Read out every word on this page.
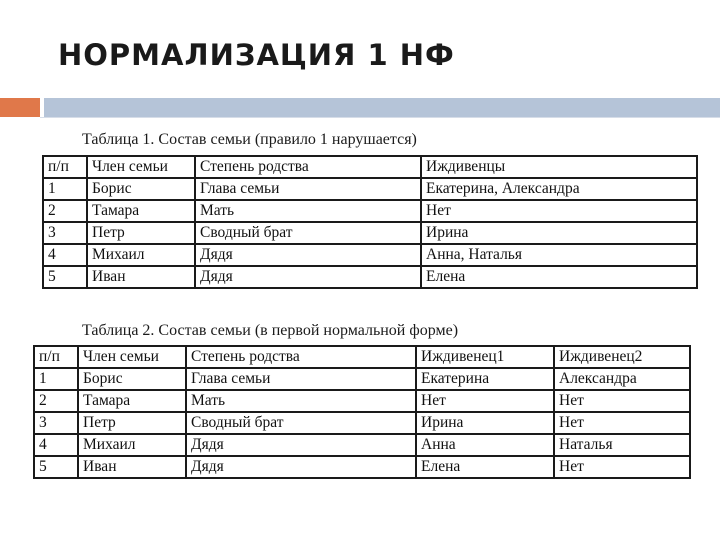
НОРМАЛИЗАЦИЯ 1 НФ
Таблица 1. Состав семьи (правило 1 нарушается)
п/п	Член семьи	Степень родства	Иждивенцы
1	Борис	Глава семьи	Екатерина, Александра
2	Тамара	Мать	Нет
3	Петр	Сводный брат	Ирина
4	Михаил	Дядя	Анна, Наталья
5	Иван	Дядя	Елена
Таблица 2. Состав семьи (в первой нормальной форме)
п/п	Член семьи	Степень родства	Иждивенец1	Иждивенец2
1	Борис	Глава семьи	Екатерина	Александра
2	Тамара	Мать	Нет	Нет
3	Петр	Сводный брат	Ирина	Нет
4	Михаил	Дядя	Анна	Наталья
5	Иван	Дядя	Елена	Нет
